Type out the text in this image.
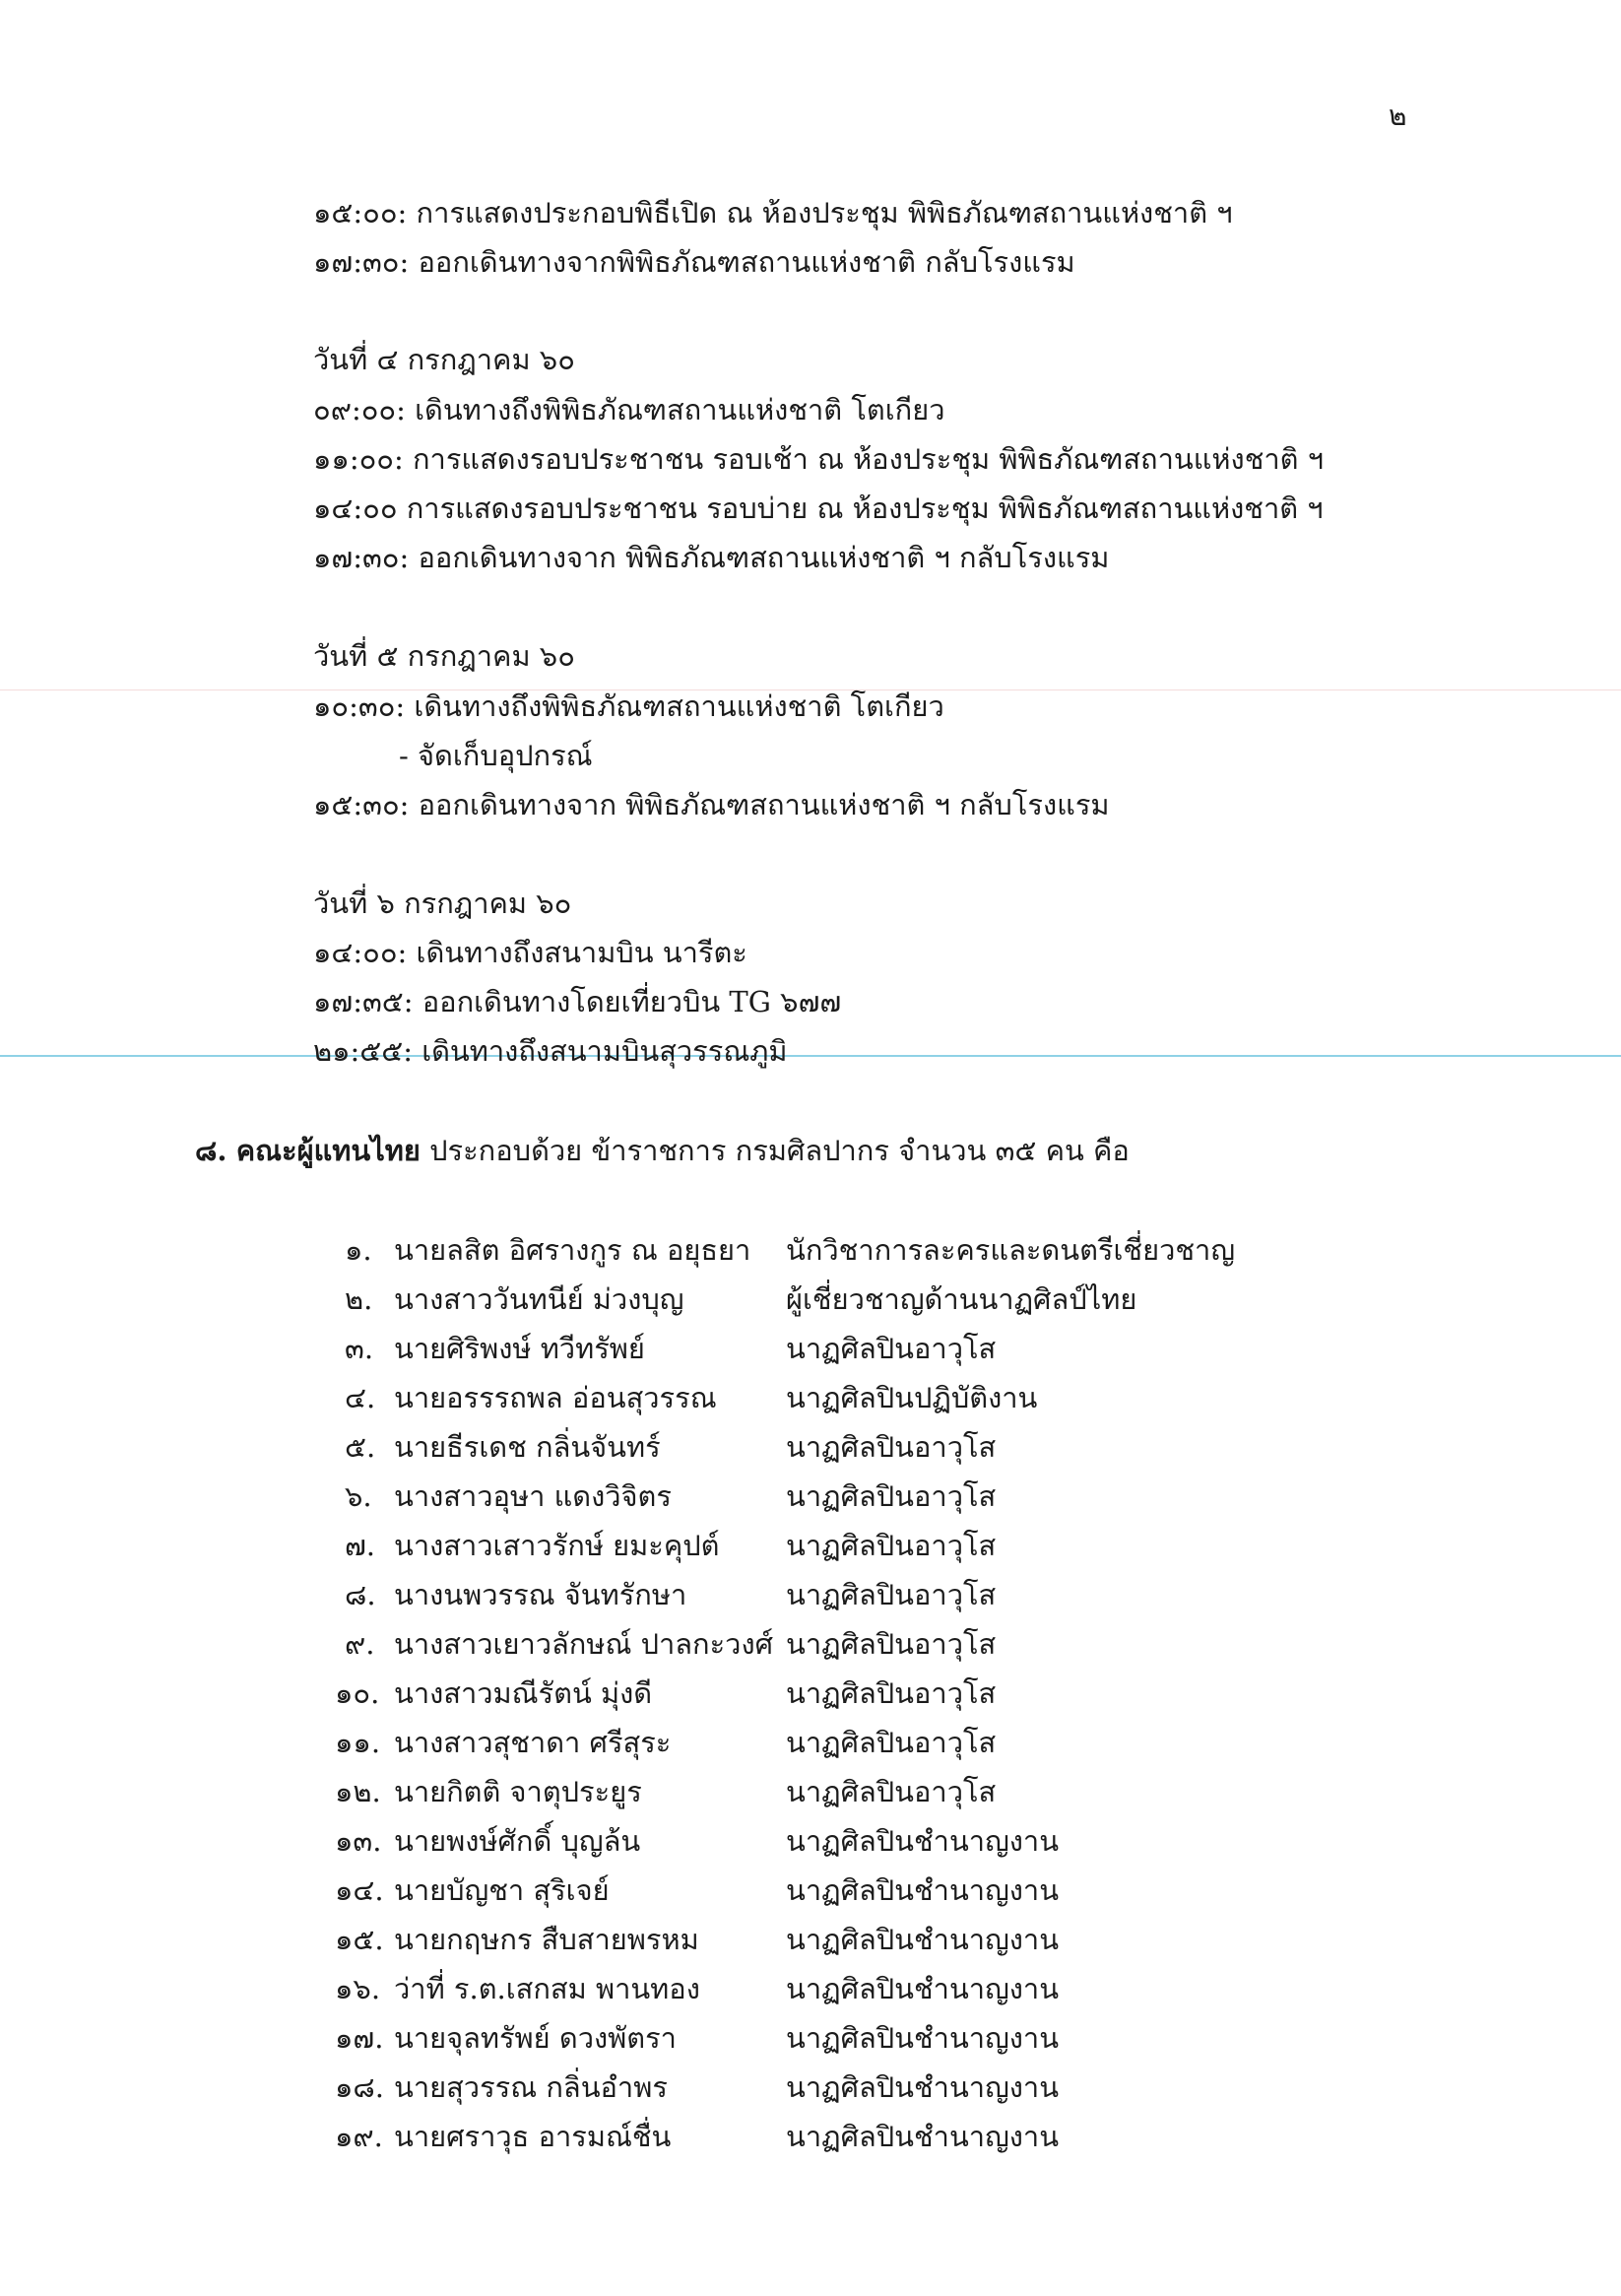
๒
๑๕:๐๐: การแสดงประกอบพิธีเปิด ณ ห้องประชุม พิพิธภัณฑสถานแห่งชาติ ฯ
๑๗:๓๐: ออกเดินทางจากพิพิธภัณฑสถานแห่งชาติ กลับโรงแรม
วันที่ ๔ กรกฎาคม ๖๐
๐๙:๐๐: เดินทางถึงพิพิธภัณฑสถานแห่งชาติ โตเกียว
๑๑:๐๐: การแสดงรอบประชาชน รอบเช้า ณ ห้องประชุม พิพิธภัณฑสถานแห่งชาติ ฯ
๑๔:๐๐ การแสดงรอบประชาชน รอบบ่าย ณ ห้องประชุม พิพิธภัณฑสถานแห่งชาติ ฯ
๑๗:๓๐: ออกเดินทางจาก พิพิธภัณฑสถานแห่งชาติ ฯ กลับโรงแรม
วันที่ ๕ กรกฎาคม ๖๐
๑๐:๓๐: เดินทางถึงพิพิธภัณฑสถานแห่งชาติ โตเกียว
- จัดเก็บอุปกรณ์
๑๕:๓๐: ออกเดินทางจาก พิพิธภัณฑสถานแห่งชาติ ฯ กลับโรงแรม
วันที่ ๖ กรกฎาคม ๖๐
๑๔:๐๐: เดินทางถึงสนามบิน นารีตะ
๑๗:๓๕: ออกเดินทางโดยเที่ยวบิน TG ๖๗๗
๒๑:๕๕: เดินทางถึงสนามบินสุวรรณภูมิ
๘. คณะผู้แทนไทย ประกอบด้วย ข้าราชการ กรมศิลปากร จำนวน ๓๕ คน คือ
๑. นายลสิต อิศรางกูร ณ อยุธยา นักวิชาการละครและดนตรีเชี่ยวชาญ
๒. นางสาววันทนีย์ ม่วงบุญ	ผู้เชี่ยวชาญด้านนาฏศิลป์ไทย
๓. นายศิริพงษ์ ทวีทรัพย์	นาฏศิลปินอาวุโส
๔. นายอรรรถพล อ่อนสุวรรณ นาฏศิลปินปฏิบัติงาน
๕. นายธีรเดช กลิ่นจันทร์	นาฏศิลปินอาวุโส
๖. นางสาวอุษา แดงวิจิตร	นาฏศิลปินอาวุโส
๗. นางสาวเสาวรักษ์ ยมะคุปต์ นาฏศิลปินอาวุโส
๘. นางนพวรรณ จันทรักษา	นาฏศิลปินอาวุโส
๙. นางสาวเยาวลักษณ์ ปาลกะวงศ์ นาฏศิลปินอาวุโส
๑๐. นางสาวมณีรัตน์ มุ่งดี	นาฏศิลปินอาวุโส
๑๑. นางสาวสุชาดา ศรีสุระ	นาฏศิลปินอาวุโส
๑๒. นายกิตติ จาตุประยูร	นาฏศิลปินอาวุโส
๑๓. นายพงษ์ศักดิ์ บุญล้น	นาฏศิลปินชำนาญงาน
๑๔. นายบัญชา สุริเจย์	นาฏศิลปินชำนาญงาน
๑๕. นายกฤษกร สืบสายพรหม	นาฏศิลปินชำนาญงาน
๑๖. ว่าที่ ร.ต.เสกสม พานทอง	นาฏศิลปินชำนาญงาน
๑๗. นายจุลทรัพย์ ดวงพัตรา	นาฏศิลปินชำนาญงาน
๑๘. นายสุวรรณ กลิ่นอำพร	นาฏศิลปินชำนาญงาน
๑๙. นายศราวุธ อารมณ์ชื่น	นาฏศิลปินชำนาญงาน
